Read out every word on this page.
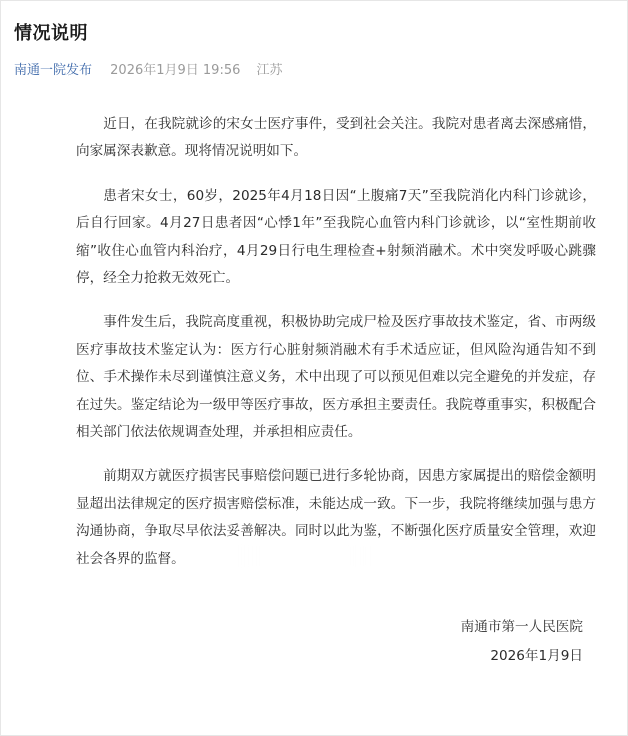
情况说明
南通一院发布 2026年1月9日 19:56 江苏

近日，在我院就诊的宋女士医疗事件，受到社会关注。我院对患者离去深感痛惜，向家属深表歉意。现将情况说明如下。

患者宋女士，60岁，2025年4月18日因“上腹痛7天”至我院消化内科门诊就诊，后自行回家。4月27日患者因“心悸1年”至我院心血管内科门诊就诊，以“室性期前收缩”收住心血管内科治疗，4月29日行电生理检查+射频消融术。术中突发呼吸心跳骤停，经全力抢救无效死亡。

事件发生后，我院高度重视，积极协助完成尸检及医疗事故技术鉴定，省、市两级医疗事故技术鉴定认为：医方行心脏射频消融术有手术适应证，但风险沟通告知不到位、手术操作未尽到谨慎注意义务，术中出现了可以预见但难以完全避免的并发症，存在过失。鉴定结论为一级甲等医疗事故，医方承担主要责任。我院尊重事实，积极配合相关部门依法依规调查处理，并承担相应责任。

前期双方就医疗损害民事赔偿问题已进行多轮协商，因患方家属提出的赔偿金额明显超出法律规定的医疗损害赔偿标准，未能达成一致。下一步，我院将继续加强与患方沟通协商，争取尽早依法妥善解决。同时以此为鉴，不断强化医疗质量安全管理，欢迎社会各界的监督。

南通市第一人民医院
2026年1月9日
